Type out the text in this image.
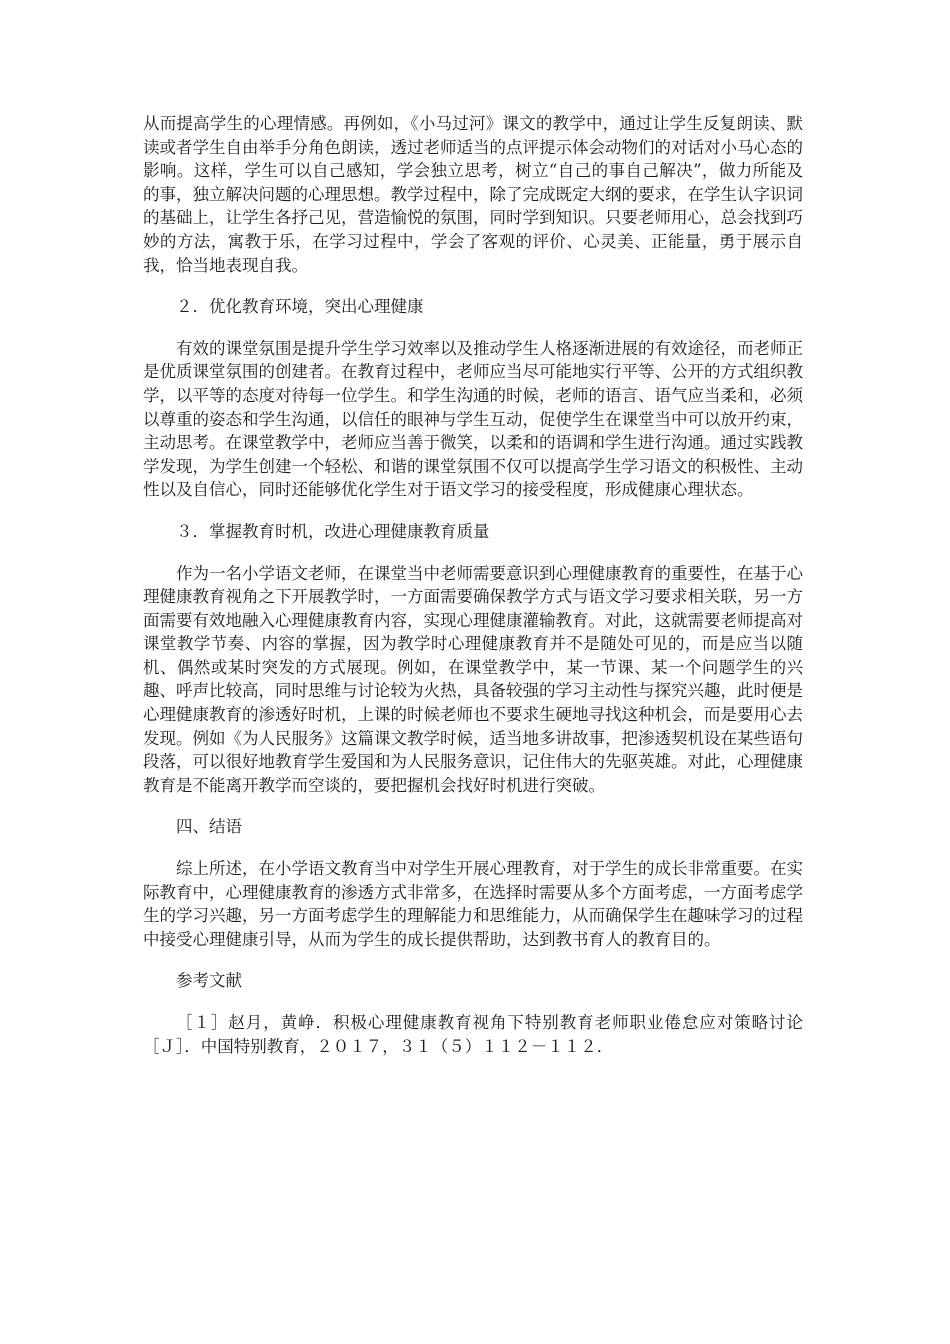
从而提高学生的心理情感。再例如，《小马过河》课文的教学中，通过让学生反复朗读、默读或者学生自由举手分角色朗读，透过老师适当的点评提示体会动物们的对话对小马心态的影响。这样，学生可以自己感知，学会独立思考，树立“自己的事自己解决”，做力所能及的事，独立解决问题的心理思想。教学过程中，除了完成既定大纲的要求，在学生认字识词的基础上，让学生各抒己见，营造愉悦的氛围，同时学到知识。只要老师用心，总会找到巧妙的方法，寓教于乐，在学习过程中，学会了客观的评价、心灵美、正能量，勇于展示自我，恰当地表现自我。

２．优化教育环境，突出心理健康

有效的课堂氛围是提升学生学习效率以及推动学生人格逐渐进展的有效途径，而老师正是优质课堂氛围的创建者。在教育过程中，老师应当尽可能地实行平等、公开的方式组织教学，以平等的态度对待每一位学生。和学生沟通的时候，老师的语言、语气应当柔和，必须以尊重的姿态和学生沟通，以信任的眼神与学生互动，促使学生在课堂当中可以放开约束，主动思考。在课堂教学中，老师应当善于微笑，以柔和的语调和学生进行沟通。通过实践教学发现，为学生创建一个轻松、和谐的课堂氛围不仅可以提高学生学习语文的积极性、主动性以及自信心，同时还能够优化学生对于语文学习的接受程度，形成健康心理状态。

３．掌握教育时机，改进心理健康教育质量

作为一名小学语文老师，在课堂当中老师需要意识到心理健康教育的重要性，在基于心理健康教育视角之下开展教学时，一方面需要确保教学方式与语文学习要求相关联，另一方面需要有效地融入心理健康教育内容，实现心理健康灌输教育。对此，这就需要老师提高对课堂教学节奏、内容的掌握，因为教学时心理健康教育并不是随处可见的，而是应当以随机、偶然或某时突发的方式展现。例如，在课堂教学中，某一节课、某一个问题学生的兴趣、呼声比较高，同时思维与讨论较为火热，具备较强的学习主动性与探究兴趣，此时便是心理健康教育的渗透好时机，上课的时候老师也不要求生硬地寻找这种机会，而是要用心去发现。例如《为人民服务》这篇课文教学时候，适当地多讲故事，把渗透契机设在某些语句段落，可以很好地教育学生爱国和为人民服务意识，记住伟大的先驱英雄。对此，心理健康教育是不能离开教学而空谈的，要把握机会找好时机进行突破。

四、结语

综上所述，在小学语文教育当中对学生开展心理教育，对于学生的成长非常重要。在实际教育中，心理健康教育的渗透方式非常多，在选择时需要从多个方面考虑，一方面考虑学生的学习兴趣，另一方面考虑学生的理解能力和思维能力，从而确保学生在趣味学习的过程中接受心理健康引导，从而为学生的成长提供帮助，达到教书育人的教育目的。

参考文献

［１］赵月，黄峥．积极心理健康教育视角下特别教育老师职业倦怠应对策略讨论［Ｊ］．中国特别教育，２０１７，３１（５）１１２－１１２．
